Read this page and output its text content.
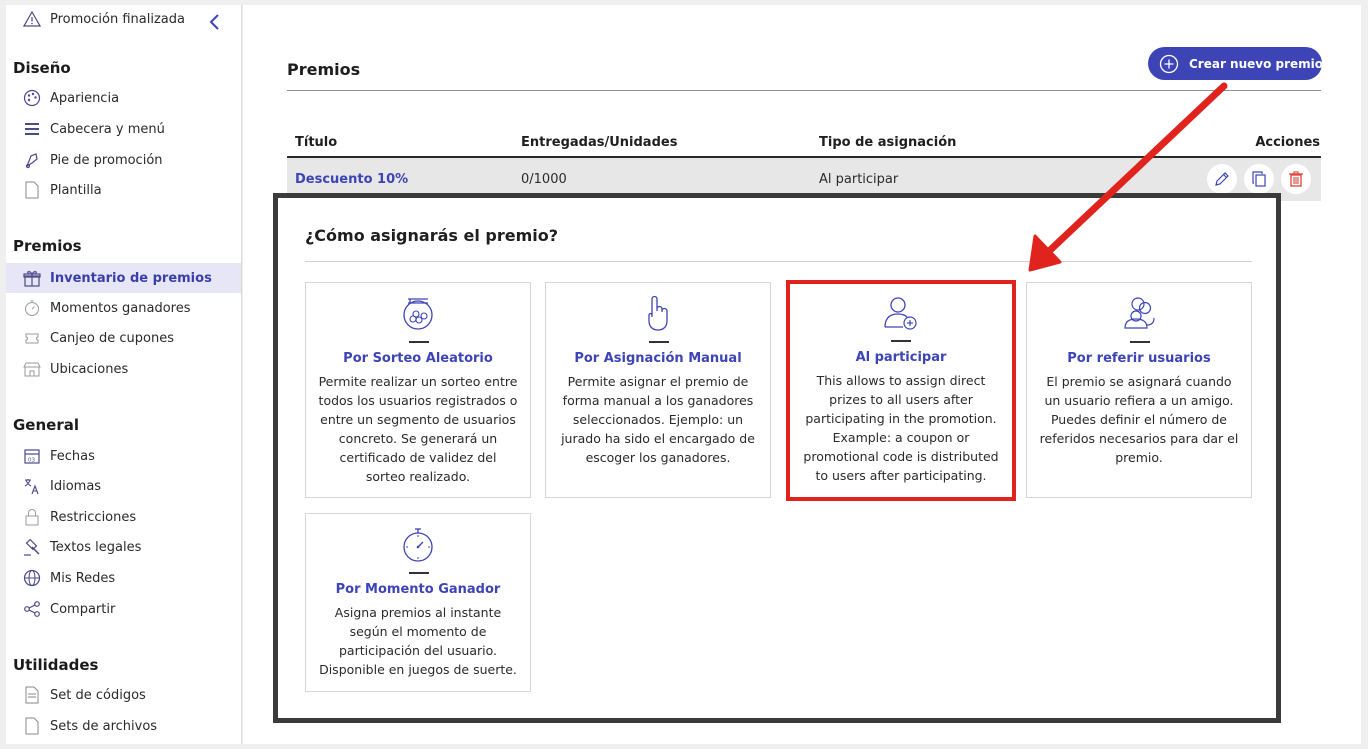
Promoción finalizada
Diseño
Apariencia
Cabecera y menú
Pie de promoción
Plantilla
Premios
Inventario de premios
Momentos ganadores
Canjeo de cupones
Ubicaciones
General
03 Fechas
Idiomas
Restricciones
Textos legales
Mis Redes
Compartir
Utilidades
Set de códigos
Sets de archivos
Premios	Crear nuevo premio
Título	Entregadas/Unidades	Tipo de asignación	Acciones
Descuento 10%	0/1000	Al participar
¿Cómo asignarás el premio?
Por Sorteo Aleatorio
Permite realizar un sorteo entre todos los usuarios registrados o entre un segmento de usuarios concreto. Se generará un certificado de validez del sorteo realizado.
Por Asignación Manual
Permite asignar el premio de forma manual a los ganadores seleccionados. Ejemplo: un jurado ha sido el encargado de escoger los ganadores.
Al participar
This allows to assign direct prizes to all users after participating in the promotion. Example: a coupon or promotional code is distributed to users after participating.
Por referir usuarios
El premio se asignará cuando un usuario refiera a un amigo. Puedes definir el número de referidos necesarios para dar el premio.
Por Momento Ganador
Asigna premios al instante según el momento de participación del usuario. Disponible en juegos de suerte.
